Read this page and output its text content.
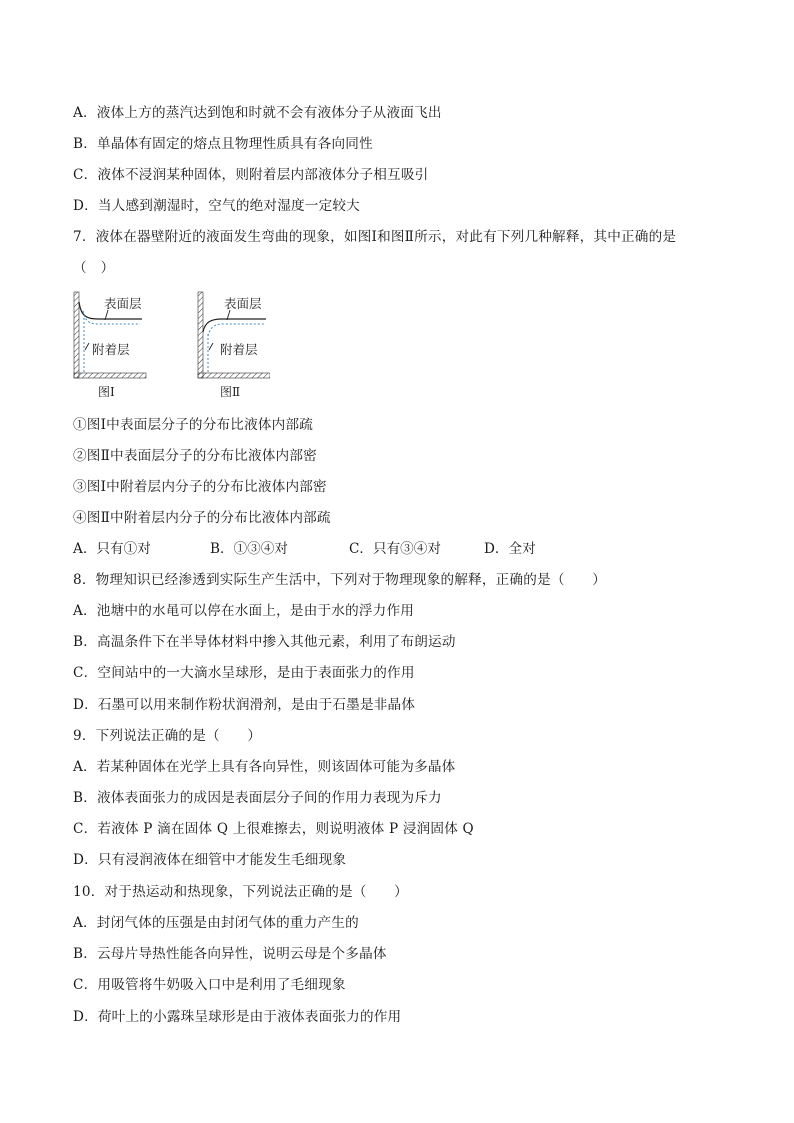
A．液体上方的蒸汽达到饱和时就不会有液体分子从液面飞出
B．单晶体有固定的熔点且物理性质具有各向同性
C．液体不浸润某种固体，则附着层内部液体分子相互吸引
D．当人感到潮湿时，空气的绝对湿度一定较大
7．液体在器壁附近的液面发生弯曲的现象，如图Ⅰ和图Ⅱ所示，对此有下列几种解释，其中正确的是
（　）
表面层
附着层
图Ⅰ
表面层
附着层
图Ⅱ
①图Ⅰ中表面层分子的分布比液体内部疏
②图Ⅱ中表面层分子的分布比液体内部密
③图Ⅰ中附着层内分子的分布比液体内部密
④图Ⅱ中附着层内分子的分布比液体内部疏
A．只有①对	B．①③④对	C．只有③④对	D．全对
8．物理知识已经渗透到实际生产生活中，下列对于物理现象的解释，正确的是（　　）
A．池塘中的水黾可以停在水面上，是由于水的浮力作用
B．高温条件下在半导体材料中掺入其他元素，利用了布朗运动
C．空间站中的一大滴水呈球形，是由于表面张力的作用
D．石墨可以用来制作粉状润滑剂，是由于石墨是非晶体
9．下列说法正确的是（　　）
A．若某种固体在光学上具有各向异性，则该固体可能为多晶体
B．液体表面张力的成因是表面层分子间的作用力表现为斥力
C．若液体 P 滴在固体 Q 上很难擦去，则说明液体 P 浸润固体 Q
D．只有浸润液体在细管中才能发生毛细现象
10．对于热运动和热现象，下列说法正确的是（　　）
A．封闭气体的压强是由封闭气体的重力产生的
B．云母片导热性能各向异性，说明云母是个多晶体
C．用吸管将牛奶吸入口中是利用了毛细现象
D．荷叶上的小露珠呈球形是由于液体表面张力的作用
